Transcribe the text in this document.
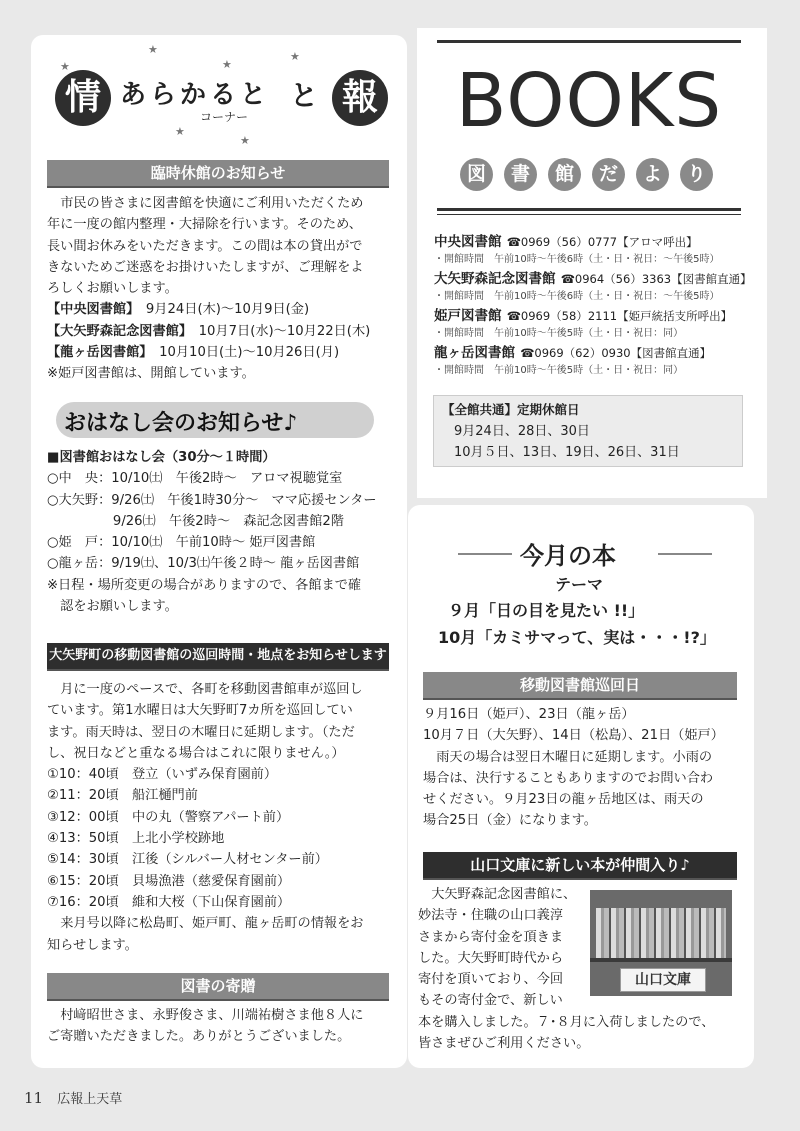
★
★
★
★
★
★
情 あらかると と
コーナー	報
臨時休館のお知らせ

市民の皆さまに図書館を快適にご利用いただくため

年に一度の館内整理・大掃除を行います。そのため、

長い間お休みをいただきます。この間は本の貸出がで

きないためご迷惑をお掛けいたしますが、ご理解をよ

ろしくお願いします。

【中央図書館】　 9月24日(木)〜10月9日(金)

【大矢野森記念図書館】　 10月7日(水)〜10月22日(木)

【龍ヶ岳図書館】　 10月10日(土)〜10月26日(月)

※姫戸図書館は、開館しています。

おはなし会のお知らせ♪

■図書館おはなし会（30分〜１時間）

○中　央：10/10㈯　午後2時〜　アロマ視聴覚室

○大矢野：9/26㈯　午後1時30分〜　ママ応援センター

　　　　　9/26㈯　午後2時〜　森記念図書館2階

○姫　戸：10/10㈯　午前10時〜 姫戸図書館

○龍ヶ岳：9/19㈯、10/3㈯午後２時〜 龍ヶ岳図書館

※日程・場所変更の場合がありますので、各館まで確

　認をお願いします。

大矢野町の移動図書館の巡回時間・地点をお知らせします

月に一度のペースで、各町を移動図書館車が巡回し

ています。第1水曜日は大矢野町7カ所を巡回してい

ます。雨天時は、翌日の木曜日に延期します。（ただ

し、祝日などと重なる場合はこれに限りません。）

①10：40頃　登立（いずみ保育園前）

②11：20頃　船江樋門前

③12：00頃　中の丸（警察アパート前）

④13：50頃　上北小学校跡地

⑤14：30頃　江後（シルバー人材センター前）

⑥15：20頃　貝場漁港（慈愛保育園前）

⑦16：20頃　維和大桜（下山保育園前）

来月号以降に松島町、姫戸町、龍ヶ岳町の情報をお

知らせします。

図書の寄贈

村﨑昭世さま、永野俊さま、川端祐樹さま他８人に

ご寄贈いただきました。ありがとうございました。

BOOKS
図	書	館	だ	よ	り
中央図書館 ☎0969（56）0777【アロマ呼出】
・開館時間　午前10時〜午後6時（土・日・祝日：〜午後5時）
大矢野森記念図書館 ☎0964（56）3363【図書館直通】
・開館時間　午前10時〜午後6時（土・日・祝日：〜午後5時）
姫戸図書館 ☎0969（58）2111【姫戸統括支所呼出】
・開館時間　午前10時〜午後5時（土・日・祝日：同）
龍ヶ岳図書館 ☎0969（62）0930【図書館直通】
・開館時間　午前10時〜午後5時（土・日・祝日：同）
【全館共通】定期休館日
9月24日、28日、30日
10月５日、13日、19日、26日、31日
今月の本
テーマ
９月「日の目を見たい !!」
10月「カミサマって、実は・・・!?」
移動図書館巡回日

９月16日（姫戸）、23日（龍ヶ岳）

10月７日（大矢野）、14日（松島）、21日（姫戸）

雨天の場合は翌日木曜日に延期します。小雨の

場合は、決行することもありますのでお問い合わ

せください。９月23日の龍ヶ岳地区は、雨天の

場合25日（金）になります。

山口文庫に新しい本が仲間入り♪

大矢野森記念図書館に、

妙法寺・住職の山口義淳

さまから寄付金を頂きま

した。大矢野町時代から

寄付を頂いており、今回

もその寄付金で、新しい

本を購入しました。７･８月に入荷しましたので、

皆さまぜひご利用ください。

山口文庫
11 広報上天草
